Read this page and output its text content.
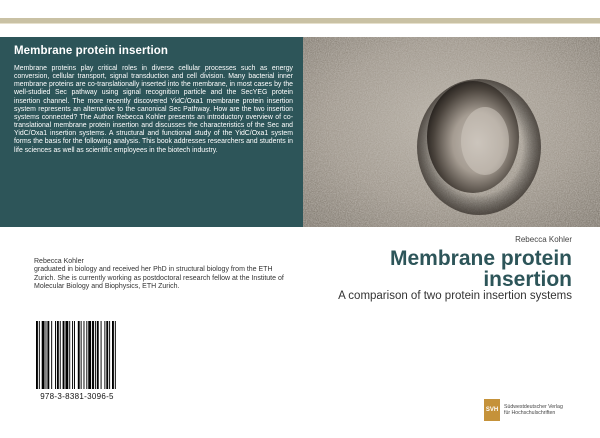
Membrane protein insertion

Membrane proteins play critical roles in diverse cellular processes such as energy conversion, cellular transport, signal transduction and cell division. Many bacterial inner membrane proteins are co-translationally inserted into the membrane, in most cases by the well-studied Sec pathway using signal recognition particle and the SecYEG protein insertion channel. The more recently discovered YidC/Oxa1 membrane protein insertion system represents an alternative to the canonical Sec Pathway. How are the two insertion systems connected? The Author Rebecca Kohler presents an introductory overview of co-translational membrane protein insertion and discusses the characteristics of the Sec and YidC/Oxa1 insertion systems. A structural and functional study of the YidC/Oxa1 system forms the basis for the following analysis. This book addresses researchers and students in life sciences as well as scientific employees in the biotech industry.

Rebecca Kohler
Rebecca Kohler
graduated in biology and received her PhD in structural biology from the ETH Zurich. She is currently working as postdoctoral research fellow at the Institute of Molecular Biology and Biophysics, ETH Zurich.
Membrane protein
insertion
A comparison of two protein insertion systems
978-3-8381-3096-5
SVH	Südwestdeutscher Verlag
für Hochschulschriften
